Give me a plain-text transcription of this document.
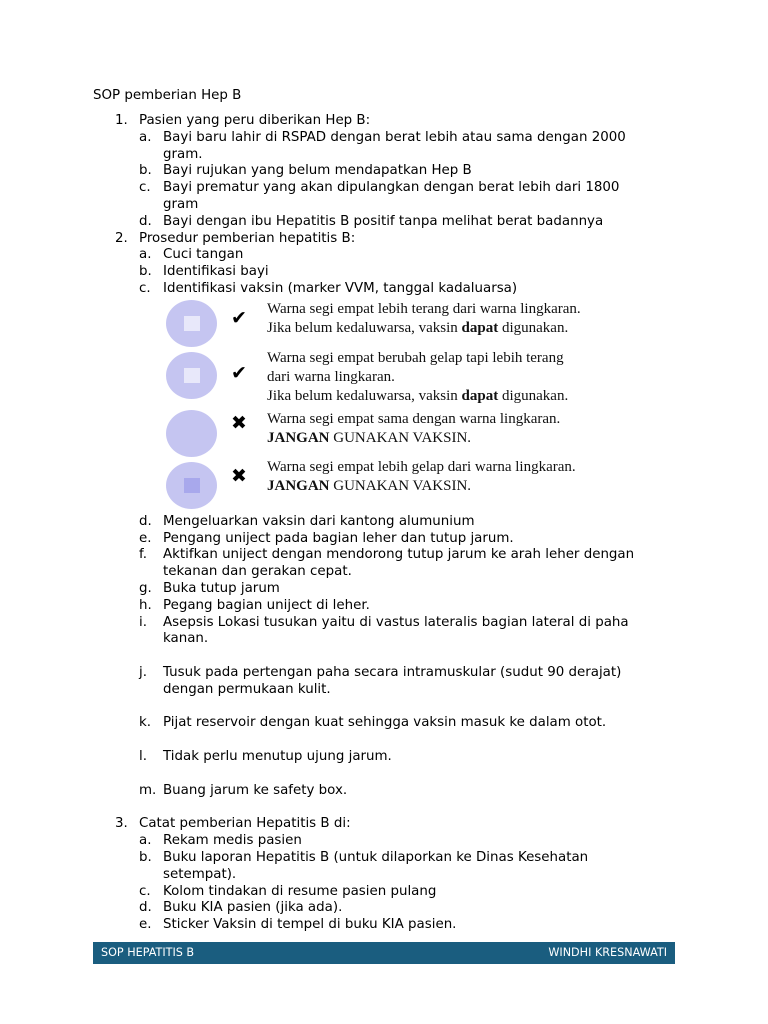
SOP pemberian Hep B
1. Pasien yang peru diberikan Hep B:
a. Bayi baru lahir di RSPAD dengan berat lebih atau sama dengan 2000
gram.
b. Bayi rujukan yang belum mendapatkan Hep B
c. Bayi prematur yang akan dipulangkan dengan berat lebih dari 1800
gram
d. Bayi dengan ibu Hepatitis B positif tanpa melihat berat badannya
2. Prosedur pemberian hepatitis B:
a. Cuci tangan
b. Identifikasi bayi
c. Identifikasi vaksin (marker VVM, tanggal kadaluarsa)
✔ Warna segi empat lebih terang dari warna lingkaran.
Jika belum kedaluwarsa, vaksin dapat digunakan.
✔
Warna segi empat berubah gelap tapi lebih terang
dari warna lingkaran.
Jika belum kedaluwarsa, vaksin dapat digunakan.
✖ Warna segi empat sama dengan warna lingkaran.
JANGAN GUNAKAN VAKSIN.
✖ Warna segi empat lebih gelap dari warna lingkaran.
JANGAN GUNAKAN VAKSIN.
d. Mengeluarkan vaksin dari kantong alumunium
e. Pengang uniject pada bagian leher dan tutup jarum.
f. Aktifkan uniject dengan mendorong tutup jarum ke arah leher dengan
tekanan dan gerakan cepat.
g. Buka tutup jarum
h. Pegang bagian uniject di leher.
i. Asepsis Lokasi tusukan yaitu di vastus lateralis bagian lateral di paha
kanan.
j. Tusuk pada pertengan paha secara intramuskular (sudut 90 derajat)
dengan permukaan kulit.
k. Pijat reservoir dengan kuat sehingga vaksin masuk ke dalam otot.
l. Tidak perlu menutup ujung jarum.
m. Buang jarum ke safety box.
3. Catat pemberian Hepatitis B di:
a. Rekam medis pasien
b. Buku laporan Hepatitis B (untuk dilaporkan ke Dinas Kesehatan
setempat).
c. Kolom tindakan di resume pasien pulang
d. Buku KIA pasien (jika ada).
e. Sticker Vaksin di tempel di buku KIA pasien.
SOP HEPATITIS B	WINDHI KRESNAWATI
